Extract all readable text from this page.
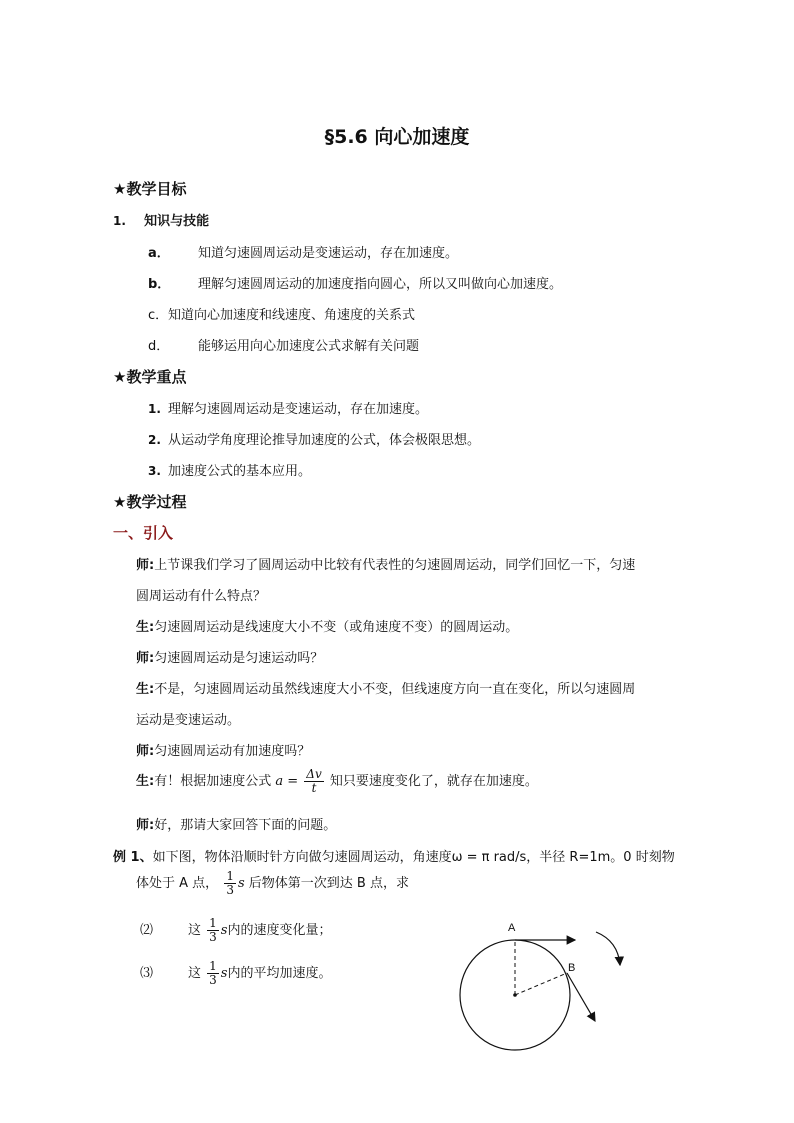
§5.6 向心加速度
★教学目标
1. 知识与技能
a． 知道匀速圆周运动是变速运动，存在加速度。
b． 理解匀速圆周运动的加速度指向圆心，所以又叫做向心加速度。
c．知道向心加速度和线速度、角速度的关系式
d． 能够运用向心加速度公式求解有关问题
★教学重点
1. 理解匀速圆周运动是变速运动，存在加速度。
2. 从运动学角度理论推导加速度的公式，体会极限思想。
3. 加速度公式的基本应用。
★教学过程
一、引入
师:上节课我们学习了圆周运动中比较有代表性的匀速圆周运动，同学们回忆一下，匀速
圆周运动有什么特点？
生:匀速圆周运动是线速度大小不变（或角速度不变）的圆周运动。
师:匀速圆周运动是匀速运动吗？
生:不是，匀速圆周运动虽然线速度大小不变，但线速度方向一直在变化，所以匀速圆周
运动是变速运动。
师:匀速圆周运动有加速度吗？
生:有！根据加速度公式 $a = \frac{\Delta v}{t}$ 知只要速度变化了，就存在加速度。
师:好，那请大家回答下面的问题。
例 1、如下图，物体沿顺时针方向做匀速圆周运动，角速度ω = π rad/s，半径 R=1m。0 时刻物
体处于 A 点， $\frac{1}{3}$ s 后物体第一次到达 B 点，求
⑵	这 $\frac{1}{3}$ s内的速度变化量；
⑶	这 $\frac{1}{3}$ s内的平均加速度。
A
B
